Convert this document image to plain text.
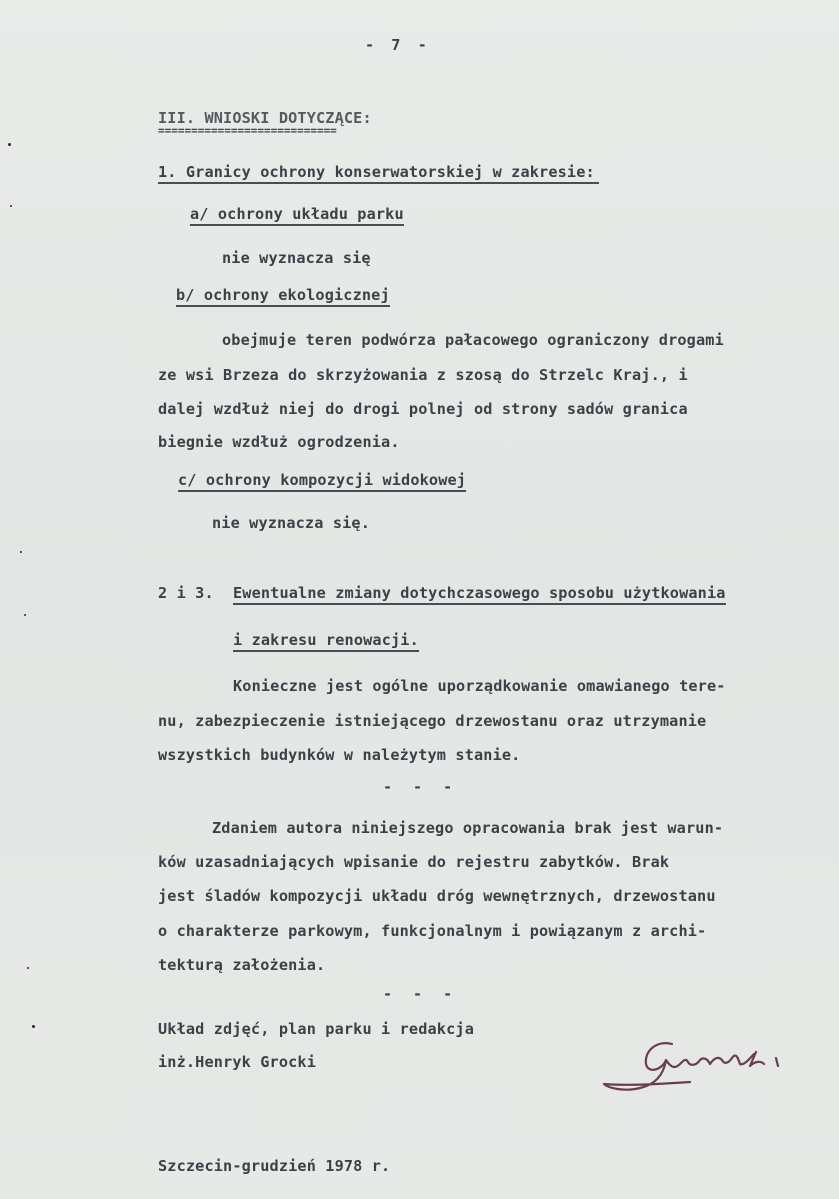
- 7 -
III. WNIOSKI DOTYCZĄCE:
===========================
1. Granicy ochrony konserwatorskiej w zakresie:
a/ ochrony układu parku
nie wyznacza się
b/ ochrony ekologicznej
obejmuje teren podwórza pałacowego ograniczony drogami
ze wsi Brzeza do skrzyżowania z szosą do Strzelc Kraj., i
dalej wzdłuż niej do drogi polnej od strony sadów granica
biegnie wzdłuż ogrodzenia.
c/ ochrony kompozycji widokowej
nie wyznacza się.
2 i 3. Ewentualne zmiany dotychczasowego sposobu użytkowania
i zakresu renowacji.
Konieczne jest ogólne uporządkowanie omawianego tere-
nu, zabezpieczenie istniejącego drzewostanu oraz utrzymanie
wszystkich budynków w należytym stanie.
- - -
Zdaniem autora niniejszego opracowania brak jest warun-
ków uzasadniających wpisanie do rejestru zabytków. Brak
jest śladów kompozycji układu dróg wewnętrznych, drzewostanu
o charakterze parkowym, funkcjonalnym i powiązanym z archi-
tekturą założenia.
- - -
Układ zdjęć, plan parku i redakcja
inż.Henryk Grocki
Szczecin-grudzień 1978 r.
